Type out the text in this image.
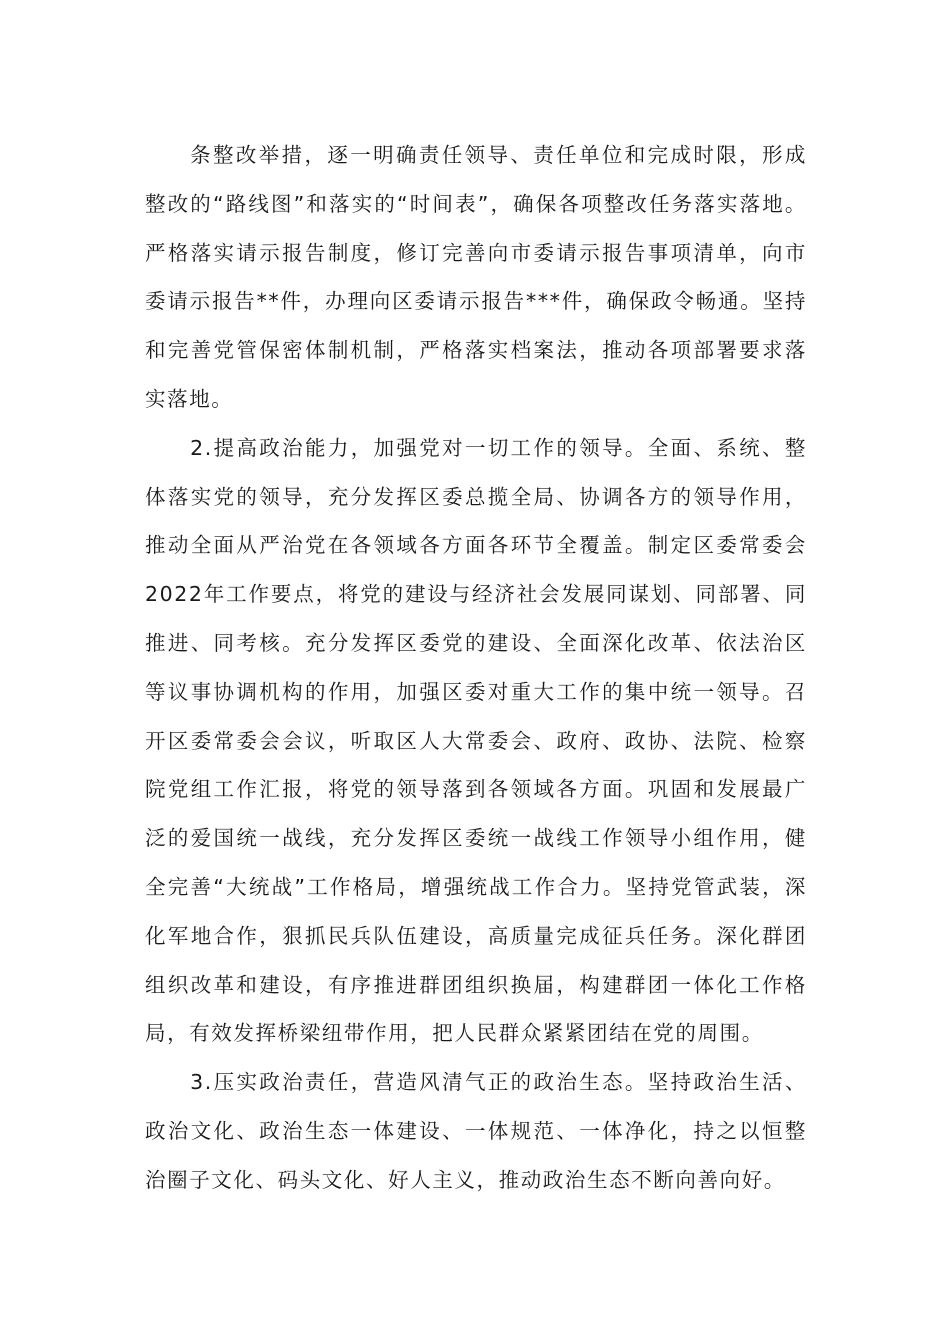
条整改举措，逐一明确责任领导、责任单位和完成时限，形成整改的“路线图”和落实的“时间表”，确保各项整改任务落实落地。严格落实请示报告制度，修订完善向市委请示报告事项清单，向市委请示报告**件，办理向区委请示报告***件，确保政令畅通。坚持和完善党管保密体制机制，严格落实档案法，推动各项部署要求落实落地。

2.提高政治能力，加强党对一切工作的领导。全面、系统、整体落实党的领导，充分发挥区委总揽全局、协调各方的领导作用，推动全面从严治党在各领域各方面各环节全覆盖。制定区委常委会2022年工作要点，将党的建设与经济社会发展同谋划、同部署、同推进、同考核。充分发挥区委党的建设、全面深化改革、依法治区等议事协调机构的作用，加强区委对重大工作的集中统一领导。召开区委常委会会议，听取区人大常委会、政府、政协、法院、检察院党组工作汇报，将党的领导落到各领域各方面。巩固和发展最广泛的爱国统一战线，充分发挥区委统一战线工作领导小组作用，健全完善“大统战”工作格局，增强统战工作合力。坚持党管武装，深化军地合作，狠抓民兵队伍建设，高质量完成征兵任务。深化群团组织改革和建设，有序推进群团组织换届，构建群团一体化工作格局，有效发挥桥梁纽带作用，把人民群众紧紧团结在党的周围。

3.压实政治责任，营造风清气正的政治生态。坚持政治生活、政治文化、政治生态一体建设、一体规范、一体净化，持之以恒整治圈子文化、码头文化、好人主义，推动政治生态不断向善向好。
